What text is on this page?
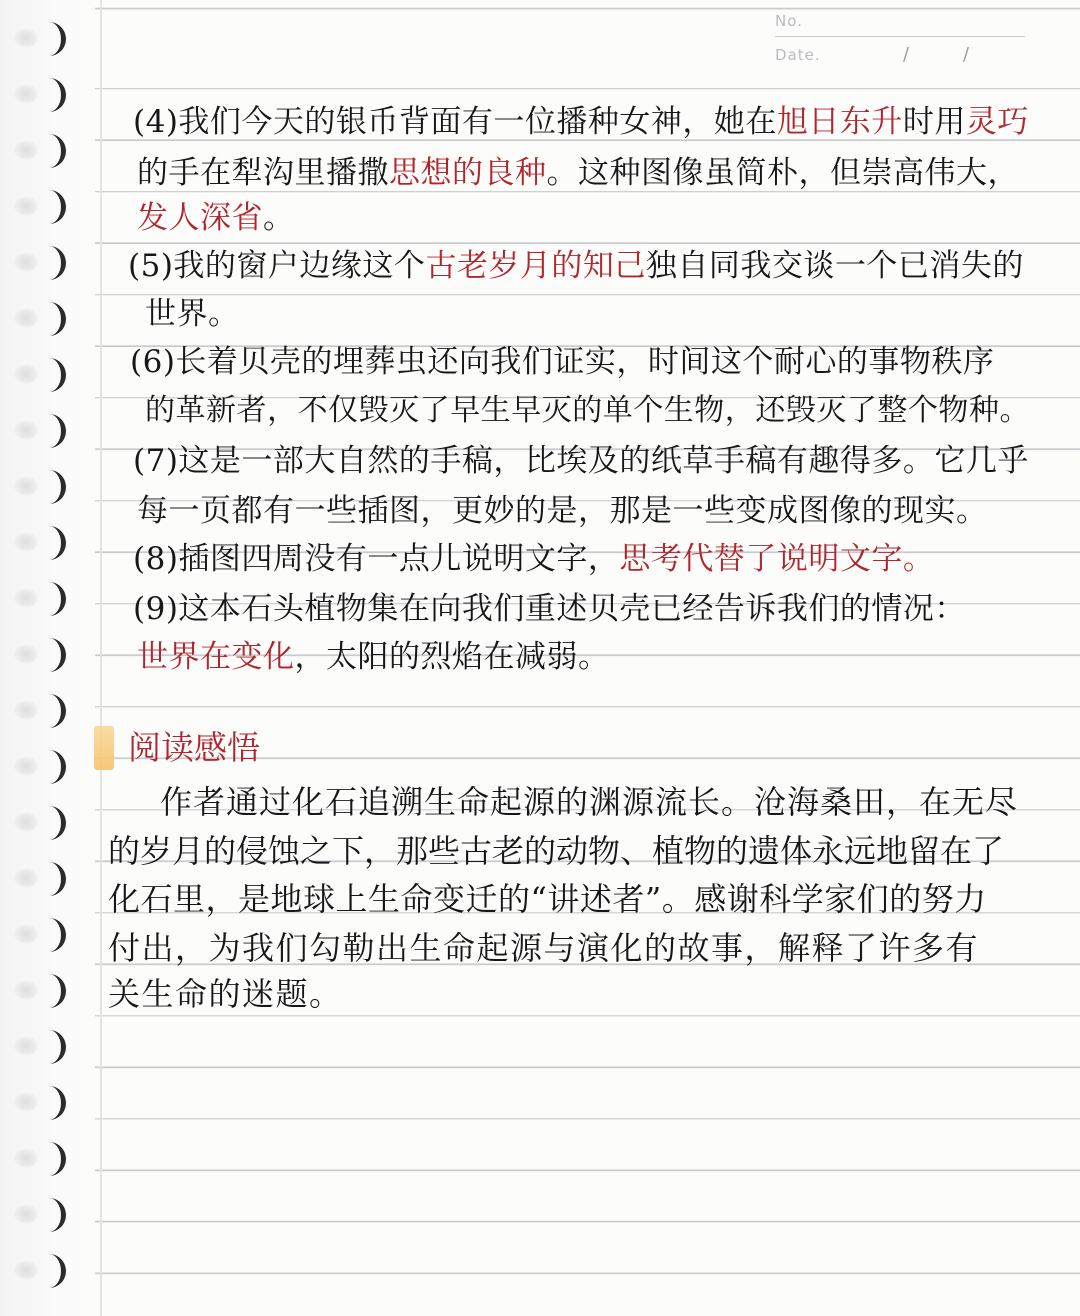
No.
Date.	/	/
(4)我们今天的银币背面有一位播种女神，她在旭日东升时用灵巧
的手在犁沟里播撒思想的良种。这种图像虽简朴，但崇高伟大，
发人深省。
(5)我的窗户边缘这个古老岁月的知己独自同我交谈一个已消失的
世界。
(6)长着贝壳的埋葬虫还向我们证实，时间这个耐心的事物秩序
的革新者，不仅毁灭了早生早灭的单个生物，还毁灭了整个物种。
(7)这是一部大自然的手稿，比埃及的纸草手稿有趣得多。它几乎
每一页都有一些插图，更妙的是，那是一些变成图像的现实。
(8)插图四周没有一点儿说明文字，思考代替了说明文字。
(9)这本石头植物集在向我们重述贝壳已经告诉我们的情况：
世界在变化，太阳的烈焰在减弱。
阅读感悟
作者通过化石追溯生命起源的渊源流长。沧海桑田，在无尽
的岁月的侵蚀之下，那些古老的动物、植物的遗体永远地留在了
化石里，是地球上生命变迁的“讲述者”。感谢科学家们的努力
付出，为我们勾勒出生命起源与演化的故事，解释了许多有
关生命的迷题。
